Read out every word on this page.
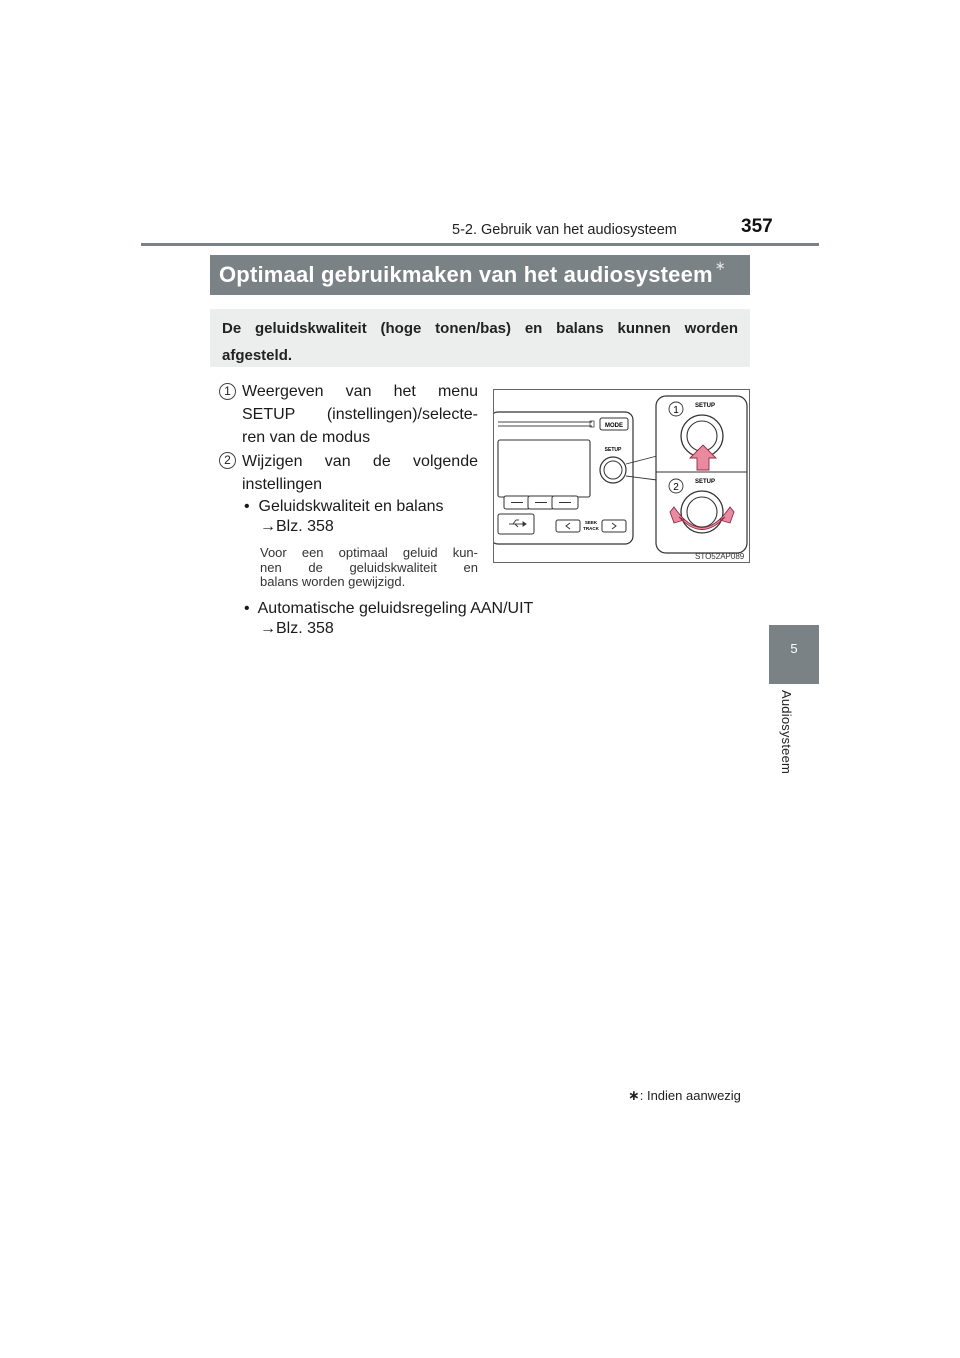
5-2. Gebruik van het audiosysteem	357
5
Audiosysteem
Optimaal gebruikmaken van het audiosysteem ∗
De geluidskwaliteit (hoge tonen/bas) en balans kunnen worden afgesteld.
1 Weergeven van het menu
SETUP (instellingen)/selecte-
ren van de modus
2 Wijzigen van de volgende
instellingen
• Geluidskwaliteit en balans
→Blz. 358
Voor een optimaal geluid kun-
nen de geluidskwaliteit en
balans worden gewijzigd.
• Automatische geluidsregeling AAN/UIT
→Blz. 358
MODE
SETUP
SEEK
TRACK
1	SETUP
2	SETUP
STO52AP089
∗: Indien aanwezig
